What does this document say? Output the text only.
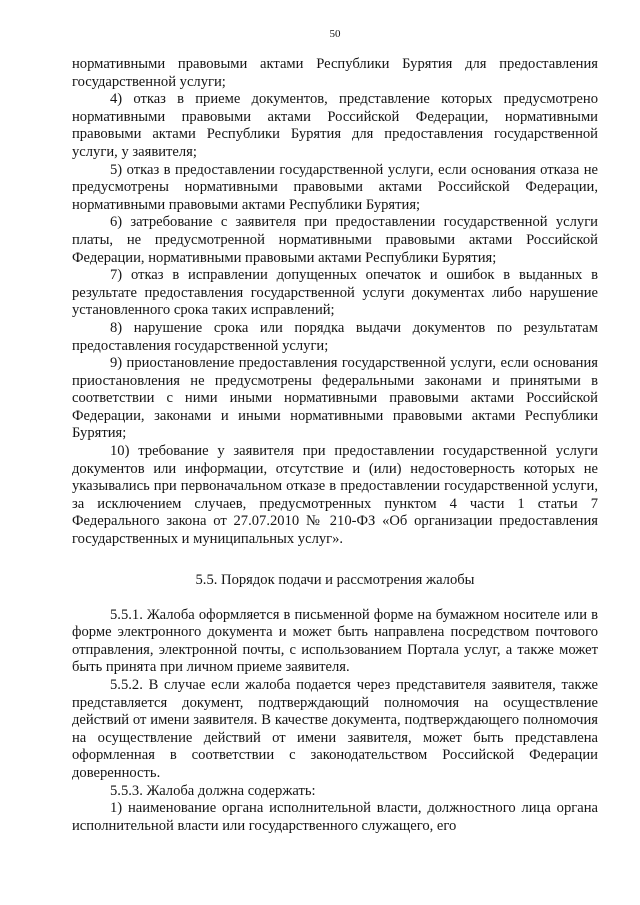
50

нормативными правовыми актами Республики Бурятия для предоставления государственной услуги;

4) отказ в приеме документов, представление которых предусмотрено нормативными правовыми актами Российской Федерации, нормативными правовыми актами Республики Бурятия для предоставления государственной услуги, у заявителя;

5) отказ в предоставлении государственной услуги, если основания отказа не предусмотрены нормативными правовыми актами Российской Федерации, нормативными правовыми актами Республики Бурятия;

6) затребование с заявителя при предоставлении государственной услуги платы, не предусмотренной нормативными правовыми актами Российской Федерации, нормативными правовыми актами Республики Бурятия;

7) отказ в исправлении допущенных опечаток и ошибок в выданных в результате предоставления государственной услуги документах либо нарушение установленного срока таких исправлений;

8) нарушение срока или порядка выдачи документов по результатам предоставления государственной услуги;

9) приостановление предоставления государственной услуги, если основания приостановления не предусмотрены федеральными законами и принятыми в соответствии с ними иными нормативными правовыми актами Российской Федерации, законами и иными нормативными правовыми актами Республики Бурятия;

10) требование у заявителя при предоставлении государственной услуги документов или информации, отсутствие и (или) недостоверность которых не указывались при первоначальном отказе в предоставлении государственной услуги, за исключением случаев, предусмотренных пунктом 4 части 1 статьи 7 Федерального закона от 27.07.2010 № 210-ФЗ «Об организации предоставления государственных и муниципальных услуг».

5.5. Порядок подачи и рассмотрения жалобы

5.5.1. Жалоба оформляется в письменной форме на бумажном носителе или в форме электронного документа и может быть направлена посредством почтового отправления, электронной почты, с использованием Портала услуг, а также может быть принята при личном приеме заявителя.

5.5.2. В случае если жалоба подается через представителя заявителя, также представляется документ, подтверждающий полномочия на осуществление действий от имени заявителя. В качестве документа, подтверждающего полномочия на осуществление действий от имени заявителя, может быть представлена оформленная в соответствии с законодательством Российской Федерации доверенность.

5.5.3. Жалоба должна содержать:

1) наименование органа исполнительной власти, должностного лица органа исполнительной власти или государственного служащего, его
